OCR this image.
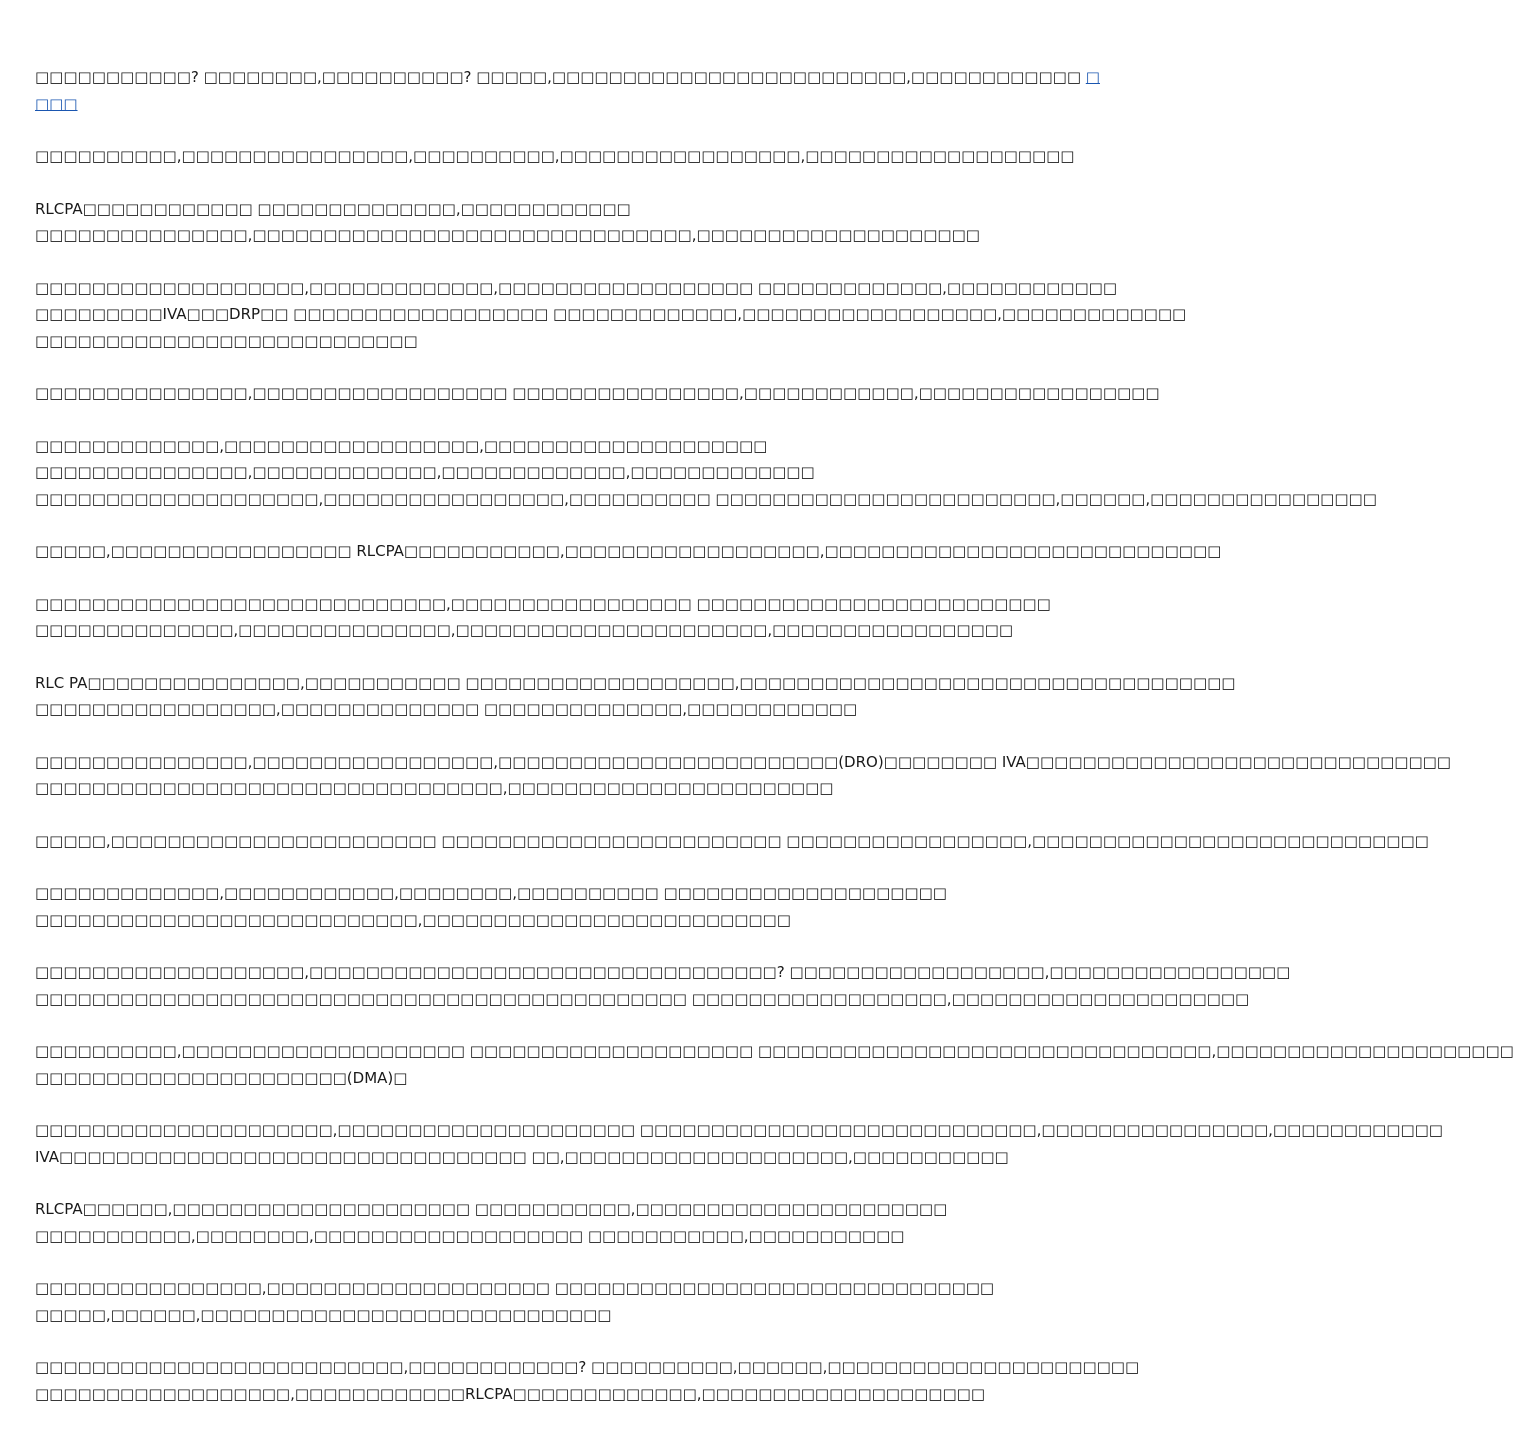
□□□□□□□□□□□? □□□□□□□□,□□□□□□□□□□? □□□□□,□□□□□□□□□□□□□□□□□□□□□□□□□,□□□□□□□□□□□□ □□□□

□□□□□□□□□□,□□□□□□□□□□□□□□□□,□□□□□□□□□□,□□□□□□□□□□□□□□□□□,□□□□□□□□□□□□□□□□□□□

RLCPA□□□□□□□□□□□□ □□□□□□□□□□□□□□,□□□□□□□□□□□□
□□□□□□□□□□□□□□□,□□□□□□□□□□□□□□□□□□□□□□□□□□□□□□□,□□□□□□□□□□□□□□□□□□□□

□□□□□□□□□□□□□□□□□□□,□□□□□□□□□□□□□,□□□□□□□□□□□□□□□□□□ □□□□□□□□□□□□□,□□□□□□□□□□□□
□□□□□□□□□IVA□□□DRP□□ □□□□□□□□□□□□□□□□□□ □□□□□□□□□□□□□,□□□□□□□□□□□□□□□□□□,□□□□□□□□□□□□□
□□□□□□□□□□□□□□□□□□□□□□□□□□□

□□□□□□□□□□□□□□□,□□□□□□□□□□□□□□□□□□ □□□□□□□□□□□□□□□□,□□□□□□□□□□□□,□□□□□□□□□□□□□□□□□

□□□□□□□□□□□□□,□□□□□□□□□□□□□□□□□□,□□□□□□□□□□□□□□□□□□□□
□□□□□□□□□□□□□□□,□□□□□□□□□□□□□,□□□□□□□□□□□□□,□□□□□□□□□□□□□
□□□□□□□□□□□□□□□□□□□□,□□□□□□□□□□□□□□□□□,□□□□□□□□□□ □□□□□□□□□□□□□□□□□□□□□□□□,□□□□□□,□□□□□□□□□□□□□□□□

□□□□□,□□□□□□□□□□□□□□□□□ RLCPA□□□□□□□□□□□,□□□□□□□□□□□□□□□□□□,□□□□□□□□□□□□□□□□□□□□□□□□□□□□

□□□□□□□□□□□□□□□□□□□□□□□□□□□□□,□□□□□□□□□□□□□□□□□ □□□□□□□□□□□□□□□□□□□□□□□□□
□□□□□□□□□□□□□□,□□□□□□□□□□□□□□□,□□□□□□□□□□□□□□□□□□□□□□,□□□□□□□□□□□□□□□□□

RLC PA□□□□□□□□□□□□□□□,□□□□□□□□□□□ □□□□□□□□□□□□□□□□□□□,□□□□□□□□□□□□□□□□□□□□□□□□□□□□□□□□□□□
□□□□□□□□□□□□□□□□□,□□□□□□□□□□□□□□ □□□□□□□□□□□□□□,□□□□□□□□□□□□

□□□□□□□□□□□□□□□,□□□□□□□□□□□□□□□□□,□□□□□□□□□□□□□□□□□□□□□□□□(DRO)□□□□□□□□ IVA□□□□□□□□□□□□□□□□□□□□□□□□□□□□□□
□□□□□□□□□□□□□□□□□□□□□□□□□□□□□□□□□,□□□□□□□□□□□□□□□□□□□□□□□

□□□□□,□□□□□□□□□□□□□□□□□□□□□□□ □□□□□□□□□□□□□□□□□□□□□□□□ □□□□□□□□□□□□□□□□□,□□□□□□□□□□□□□□□□□□□□□□□□□□□□

□□□□□□□□□□□□□,□□□□□□□□□□□□,□□□□□□□□,□□□□□□□□□□ □□□□□□□□□□□□□□□□□□□□
□□□□□□□□□□□□□□□□□□□□□□□□□□□,□□□□□□□□□□□□□□□□□□□□□□□□□□

□□□□□□□□□□□□□□□□□□□,□□□□□□□□□□□□□□□□□□□□□□□□□□□□□□□□□? □□□□□□□□□□□□□□□□□□,□□□□□□□□□□□□□□□□□
□□□□□□□□□□□□□□□□□□□□□□□□□□□□□□□□□□□□□□□□□□□□□□ □□□□□□□□□□□□□□□□□□,□□□□□□□□□□□□□□□□□□□□□

□□□□□□□□□□,□□□□□□□□□□□□□□□□□□□□ □□□□□□□□□□□□□□□□□□□□ □□□□□□□□□□□□□□□□□□□□□□□□□□□□□□□□,□□□□□□□□□□□□□□□□□□□□□
□□□□□□□□□□□□□□□□□□□□□□(DMA)□

□□□□□□□□□□□□□□□□□□□□□,□□□□□□□□□□□□□□□□□□□□□ □□□□□□□□□□□□□□□□□□□□□□□□□□□□,□□□□□□□□□□□□□□□□,□□□□□□□□□□□□
IVA□□□□□□□□□□□□□□□□□□□□□□□□□□□□□□□□□ □□,□□□□□□□□□□□□□□□□□□□□,□□□□□□□□□□□

RLCPA□□□□□□,□□□□□□□□□□□□□□□□□□□□□ □□□□□□□□□□□,□□□□□□□□□□□□□□□□□□□□□□
□□□□□□□□□□□,□□□□□□□□,□□□□□□□□□□□□□□□□□□□ □□□□□□□□□□□,□□□□□□□□□□□

□□□□□□□□□□□□□□□□,□□□□□□□□□□□□□□□□□□□□ □□□□□□□□□□□□□□□□□□□□□□□□□□□□□□□
□□□□□,□□□□□□,□□□□□□□□□□□□□□□□□□□□□□□□□□□□□

□□□□□□□□□□□□□□□□□□□□□□□□□□,□□□□□□□□□□□□? □□□□□□□□□□,□□□□□□,□□□□□□□□□□□□□□□□□□□□□□
□□□□□□□□□□□□□□□□□□,□□□□□□□□□□□□RLCPA□□□□□□□□□□□□□,□□□□□□□□□□□□□□□□□□□□
